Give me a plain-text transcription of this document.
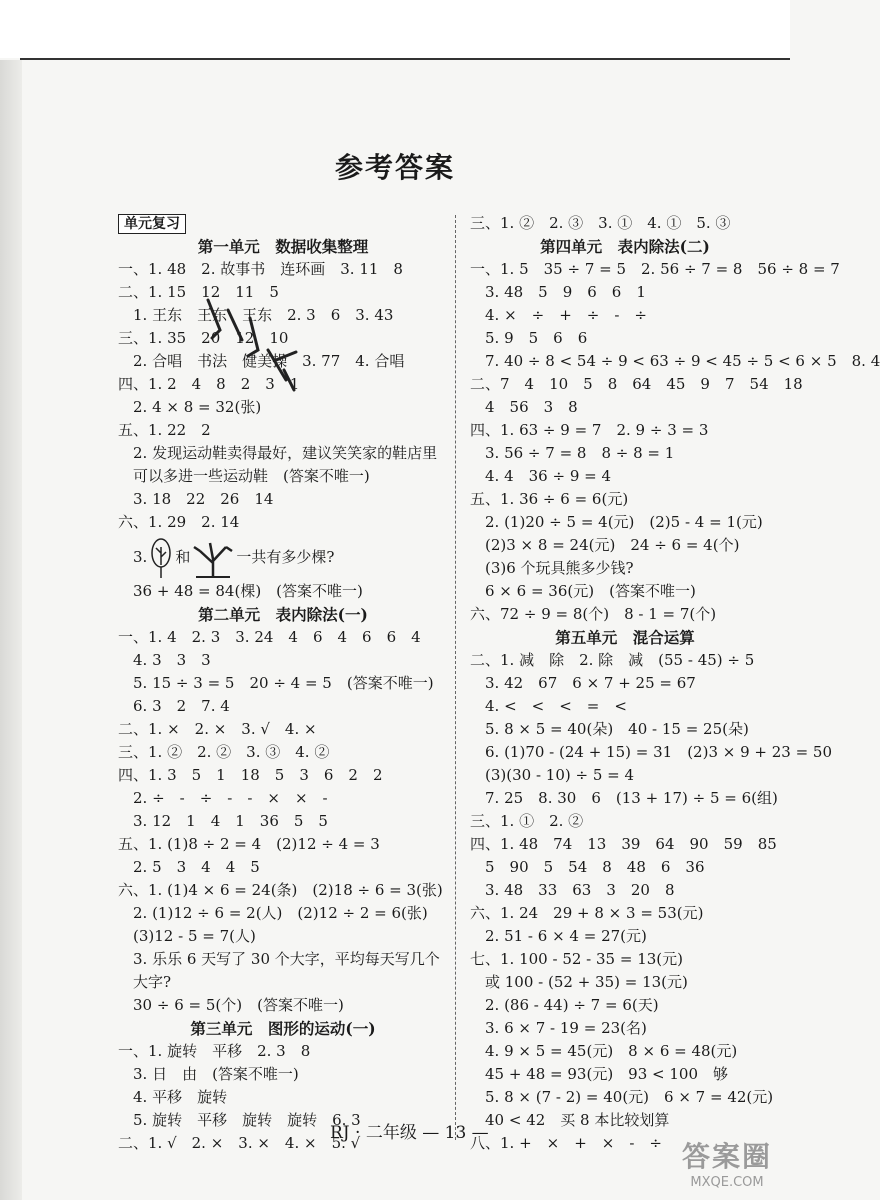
参考答案
单元复习
第一单元　数据收集整理
一、1. 48　2. 故事书　连环画　3. 11　8
二、1. 15　12　11　5
　1. 王东　王东　王东　2. 3　6　3. 43
三、1. 35　20　12　10
　2. 合唱　书法　健美操　3. 77　4. 合唱
四、1. 2　4　8　2　3　1
　2. 4 × 8 = 32(张)
五、1. 22　2
　2. 发现运动鞋卖得最好，建议笑笑家的鞋店里
　可以多进一些运动鞋　(答案不唯一)
　3. 18　22　26　14
六、1. 29　2. 14
　3. 和	一共有多少棵?
　36 + 48 = 84(棵)　(答案不唯一)
第二单元　表内除法(一)
一、1. 4　2. 3　3. 24　4　6　4　6　6　4
　4. 3　3　3
　5. 15 ÷ 3 = 5　20 ÷ 4 = 5　(答案不唯一)
　6. 3　2　7. 4
二、1. ×　2. ×　3. √　4. ×
三、1. ②　2. ②　3. ③　4. ②
四、1. 3　5　1　18　5　3　6　2　2
　2. ÷　-　÷　-　-　×　×　-
　3. 12　1　4　1　36　5　5
五、1. (1)8 ÷ 2 = 4　(2)12 ÷ 4 = 3
　2. 5　3　4　4　5
六、1. (1)4 × 6 = 24(条)　(2)18 ÷ 6 = 3(张)
　2. (1)12 ÷ 6 = 2(人)　(2)12 ÷ 2 = 6(张)
　(3)12 - 5 = 7(人)
　3. 乐乐 6 天写了 30 个大字，平均每天写几个
　大字?
　30 ÷ 6 = 5(个)　(答案不唯一)
第三单元　图形的运动(一)
一、1. 旋转　平移　2. 3　8
　3. 日　由　(答案不唯一)
　4. 平移　旋转
　5. 旋转　平移　旋转　旋转　6. 3
二、1. √　2. ×　3. ×　4. ×　5. √
三、1. ②　2. ③　3. ①　4. ①　5. ③
第四单元　表内除法(二)
一、1. 5　35 ÷ 7 = 5　2. 56 ÷ 7 = 8　56 ÷ 8 = 7
　3. 48　5　9　6　6　1
　4. ×　÷　+　÷　-　÷
　5. 9　5　6　6
　7. 40 ÷ 8 < 54 ÷ 9 < 63 ÷ 9 < 45 ÷ 5 < 6 × 5　8. 4
二、7　4　10　5　8　64　45　9　7　54　18
　4　56　3　8
四、1. 63 ÷ 9 = 7　2. 9 ÷ 3 = 3
　3. 56 ÷ 7 = 8　8 ÷ 8 = 1
　4. 4　36 ÷ 9 = 4
五、1. 36 ÷ 6 = 6(元)
　2. (1)20 ÷ 5 = 4(元)　(2)5 - 4 = 1(元)
　(2)3 × 8 = 24(元)　24 ÷ 6 = 4(个)
　(3)6 个玩具熊多少钱?
　6 × 6 = 36(元)　(答案不唯一)
六、72 ÷ 9 = 8(个)　8 - 1 = 7(个)
第五单元　混合运算
二、1. 减　除　2. 除　减　(55 - 45) ÷ 5
　3. 42　67　6 × 7 + 25 = 67
　4. <　<　<　=　<
　5. 8 × 5 = 40(朵)　40 - 15 = 25(朵)
　6. (1)70 - (24 + 15) = 31　(2)3 × 9 + 23 = 50
　(3)(30 - 10) ÷ 5 = 4
　7. 25　8. 30　6　(13 + 17) ÷ 5 = 6(组)
三、1. ①　2. ②
四、1. 48　74　13　39　64　90　59　85
　5　90　5　54　8　48　6　36
　3. 48　33　63　3　20　8
六、1. 24　29 + 8 × 3 = 53(元)
　2. 51 - 6 × 4 = 27(元)
七、1. 100 - 52 - 35 = 13(元)
　或 100 - (52 + 35) = 13(元)
　2. (86 - 44) ÷ 7 = 6(天)
　3. 6 × 7 - 19 = 23(名)
　4. 9 × 5 = 45(元)　8 × 6 = 48(元)
　45 + 48 = 93(元)　93 < 100　够
　5. 8 × (7 - 2) = 40(元)　6 × 7 = 42(元)
　40 < 42　买 8 本比较划算
八、1. +　×　+　×　-　÷
RJ · 二年级 — 13 —
答案圈
MXQE.COM
